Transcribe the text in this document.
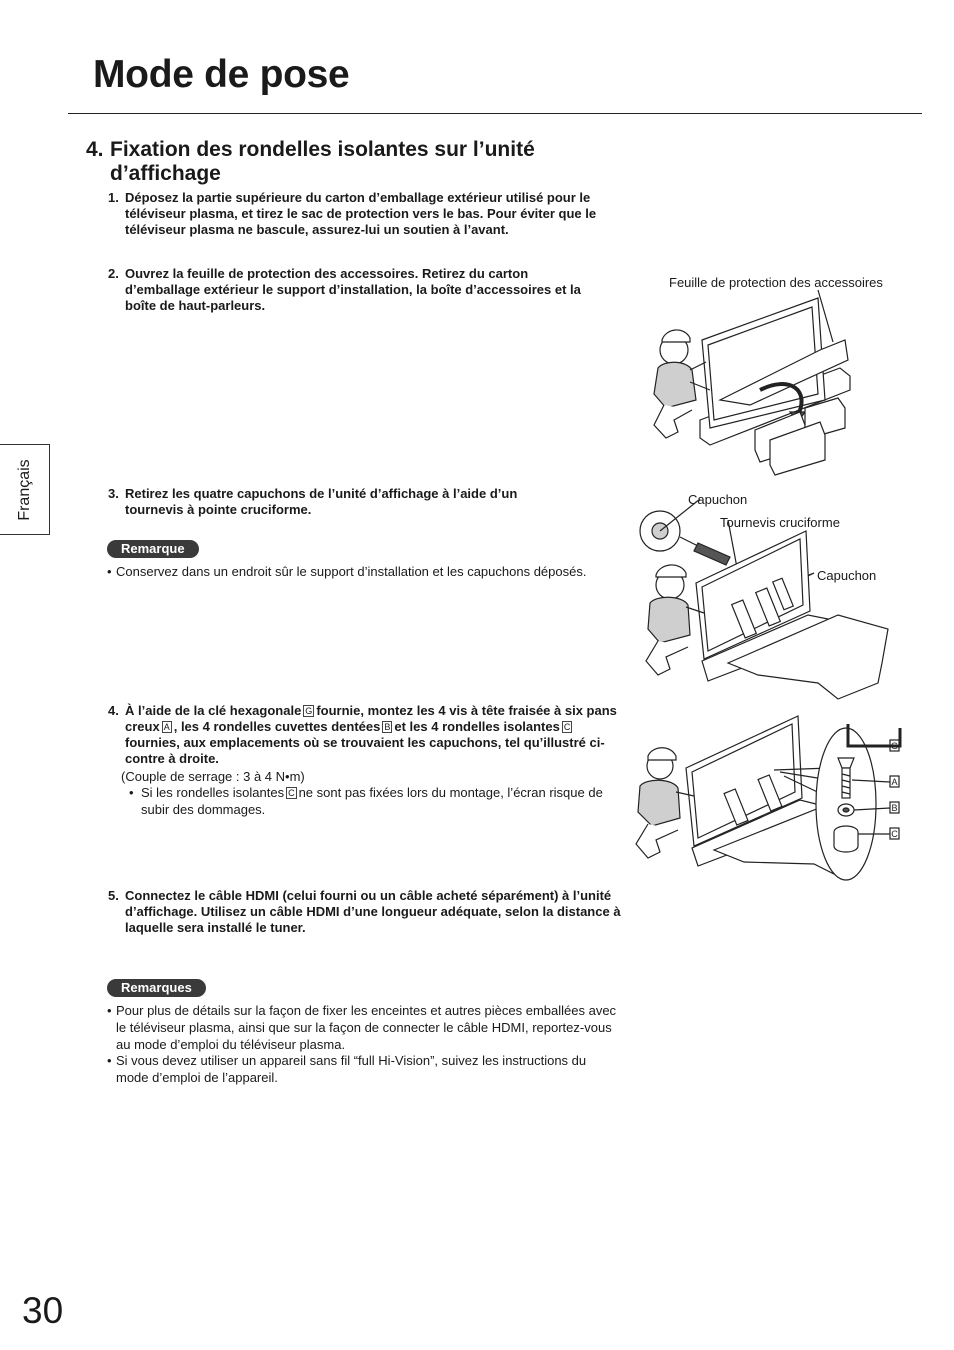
Mode de pose
Français
4. Fixation des rondelles isolantes sur l’unité
d’affichage
1. Déposez la partie supérieure du carton d’emballage extérieur utilisé pour le téléviseur plasma, et tirez le sac de protection vers le bas. Pour éviter que le téléviseur plasma ne bascule, assurez-lui un soutien à l’avant.
2. Ouvrez la feuille de protection des accessoires. Retirez du carton d’emballage extérieur le support d’installation, la boîte d’accessoires et la boîte de haut-parleurs.
3. Retirez les quatre capuchons de l’unité d’affichage à l’aide d’un tournevis à pointe cruciforme.
Remarque
• Conservez dans un endroit sûr le support d’installation et les capuchons déposés.
4. À l’aide de la clé hexagonale G fournie, montez les 4 vis à tête fraisée à six pans creux A , les 4 rondelles cuvettes dentées B et les 4 rondelles isolantes Cfournies, aux emplacements où se trouvaient les capuchons, tel qu’illustré ci-contre à droite.
(Couple de serrage : 3 à 4 N•m)
• Si les rondelles isolantes C ne sont pas fixées lors du montage, l’écran risque de subir des dommages.
5. Connectez le câble HDMI (celui fourni ou un câble acheté séparément) à l’unité d’affichage. Utilisez un câble HDMI d’une longueur adéquate, selon la distance à laquelle sera installé le tuner.
Remarques
• Pour plus de détails sur la façon de fixer les enceintes et autres pièces emballées avec le téléviseur plasma, ainsi que sur la façon de connecter le câble HDMI, reportez-vous au mode d’emploi du téléviseur plasma.
• Si vous devez utiliser un appareil sans fil “full Hi-Vision”, suivez les instructions du mode d’emploi de l’appareil.
Feuille de protection des accessoires
Capuchon
Tournevis cruciforme
Capuchon
G
A
B
C
30
